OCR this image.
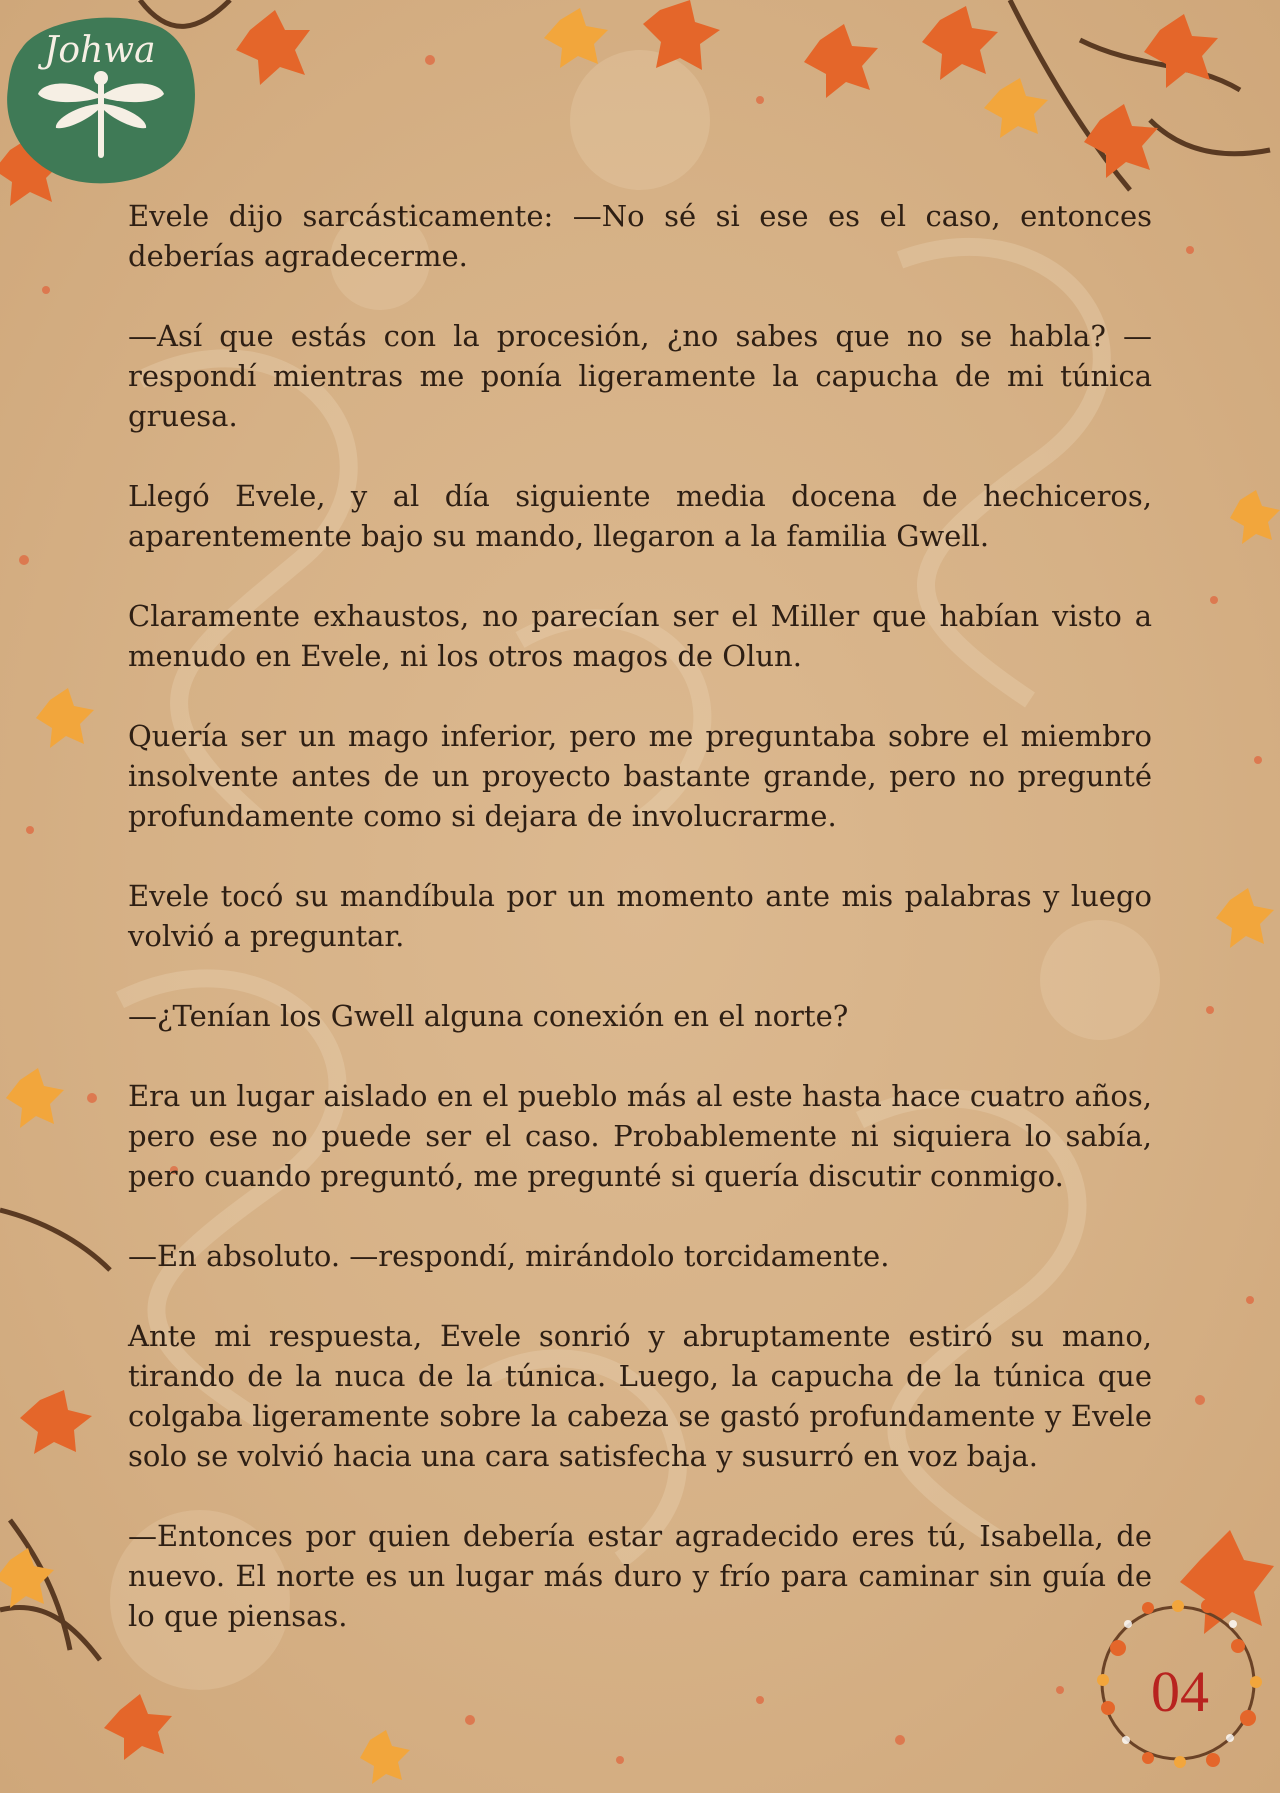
Johwa

Evele dijo sarcásticamente: —No sé si ese es el caso, entonces deberías agradecerme.

—Así que estás con la procesión, ¿no sabes que no se habla? —respondí mientras me ponía ligeramente la capucha de mi túnica gruesa.

Llegó Evele, y al día siguiente media docena de hechiceros, aparentemente bajo su mando, llegaron a la familia Gwell.

Claramente exhaustos, no parecían ser el Miller que habían visto a menudo en Evele, ni los otros magos de Olun.

Quería ser un mago inferior, pero me preguntaba sobre el miembro insolvente antes de un proyecto bastante grande, pero no pregunté profundamente como si dejara de involucrarme.

Evele tocó su mandíbula por un momento ante mis palabras y luego volvió a preguntar.

—¿Tenían los Gwell alguna conexión en el norte?

Era un lugar aislado en el pueblo más al este hasta hace cuatro años, pero ese no puede ser el caso. Probablemente ni siquiera lo sabía, pero cuando preguntó, me pregunté si quería discutir conmigo.

—En absoluto. —respondí, mirándolo torcidamente.

Ante mi respuesta, Evele sonrió y abruptamente estiró su mano, tirando de la nuca de la túnica. Luego, la capucha de la túnica que colgaba ligeramente sobre la cabeza se gastó profundamente y Evele solo se volvió hacia una cara satisfecha y susurró en voz baja.

—Entonces por quien debería estar agradecido eres tú, Isabella, de nuevo. El norte es un lugar más duro y frío para caminar sin guía de lo que piensas.

04
